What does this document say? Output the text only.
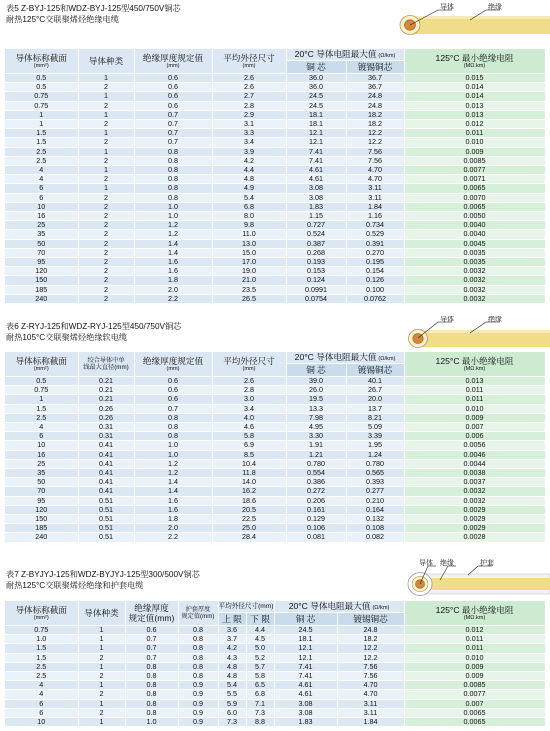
表5 Z-BYJ-125和WDZ-BYJ-125型450/750V铜芯
耐热125°C交联聚烯烃绝缘电缆
导体	绝缘
导体标称截面
(mm²)	导体种类	绝缘厚度规定值
(mm)	平均外径尺寸
(mm)	20°C 导体电阻最大值 (Ω/km)		125°C 最小绝缘电阻
(MΩ.km)

				铜 芯	镀锡铜芯	
0.5	1	0.6	2.6	36.0	36.7	0.015
0.5	2	0.6	2.6	36.0	36.7	0.014
0.75	1	0.6	2.7	24.5	24.8	0.014
0.75	2	0.6	2.8	24.5	24.8	0.013
1	1	0.7	2.9	18.1	18.2	0.013
1	2	0.7	3.1	18.1	18.2	0.012
1.5	1	0.7	3.3	12.1	12.2	0.011
1.5	2	0.7	3.4	12.1	12.2	0.010
2.5	1	0.8	3.9	7.41	7.56	0.009
2.5	2	0.8	4.2	7.41	7.56	0.0085
4	1	0.8	4.4	4.61	4.70	0.0077
4	2	0.8	4.8	4.61	4.70	0.0071
6	1	0.8	4.9	3.08	3.11	0.0065
6	2	0.8	5.4	3.08	3.11	0.0070
10	2	1.0	6.8	1.83	1.84	0.0065
16	2	1.0	8.0	1.15	1.16	0.0050
25	2	1.2	9.8	0.727	0.734	0.0040
35	2	1.2	11.0	0.524	0.529	0.0040
50	2	1.4	13.0	0.387	0.391	0.0045
70	2	1.4	15.0	0.268	0.270	0.0035
95	2	1.6	17.0	0.193	0.195	0.0035
120	2	1.6	19.0	0.153	0.154	0.0032
150	2	1.8	21.0	0.124	0.126	0.0032
185	2	2.0	23.5	0.0991	0.100	0.0032
240	2	2.2	26.5	0.0754	0.0762	0.0032
表6 Z-RYJ-125和WDZ-RYJ-125型450/750V铜芯
耐热105°C交联聚烯烃绝缘软电缆
导体	绝缘
导体标称截面
(mm²)	绞合导体中单
线最大直径(mm)	绝缘厚度规定值
(mm)	平均外径尺寸
(mm)	20°C 导体电阻最大值 (Ω/km)		125°C 最小绝缘电阻
(MΩ.km)

				铜 芯	镀锡铜芯	
0.5	0.21	0.6	2.6	39.0	40.1	0.013
0.75	0.21	0.6	2.8	26.0	26.7	0.011
1	0.21	0.6	3.0	19.5	20.0	0.011
1.5	0.26	0.7	3.4	13.3	13.7	0.010
2.5	0.26	0.8	4.0	7.98	8.21	0.009
4	0.31	0.8	4.6	4.95	5.09	0.007
6	0.31	0.8	5.8	3.30	3.39	0.006
10	0.41	1.0	6.9	1.91	1.95	0.0056
16	0.41	1.0	8.5	1.21	1.24	0.0046
25	0.41	1.2	10.4	0.780	0.780	0.0044
35	0.41	1.2	11.8	0.554	0.565	0.0038
50	0.41	1.4	14.0	0.386	0.393	0.0037
70	0.41	1.4	16.2	0.272	0.277	0.0032
95	0.51	1.6	18.6	0.206	0.210	0.0032
120	0.51	1.6	20.5	0.161	0.164	0.0029
150	0.51	1.8	22.5	0.129	0.132	0.0029
185	0.51	2.0	25.0	0.106	0.108	0.0029
240	0.51	2.2	28.4	0.081	0.082	0.0028
表7 Z-BYJYJ-125和WDZ-BYJYJ-125型300/500V铜芯
耐热125°C交联聚烯烃绝缘和护套电缆
导体 绝缘	护套
导体标称截面
(mm²)	导体种类	绝缘厚度
规定值(mm)	护套厚度
规定值(mm)	平均外径尺寸(mm)		20°C 导体电阻最大值 (Ω/km)		125°C 最小绝缘电阻
(MΩ.km)

				上 限	下 限	铜 芯	镀锡铜芯	
0.75	1	0.6	0.8	3.6	4.4	24.5	24.8	0.012
1.0	1	0.7	0.8	3.7	4.5	18.1	18.2	0.011
1.5	1	0.7	0.8	4.2	5.0	12.1	12.2	0.011
1.5	2	0.7	0.8	4.3	5.2	12.1	12.2	0.010
2.5	1	0.8	0.8	4.8	5.7	7.41	7.56	0.009
2.5	2	0.8	0.8	4.8	5.8	7.41	7.56	0.009
4	1	0.8	0.9	5.4	6.5	4.61	4.70	0.0085
4	2	0.8	0.9	5.5	6.8	4.61	4.70	0.0077
6	1	0.8	0.9	5.9	7.1	3.08	3.11	0.007
6	2	0.8	0.9	6.0	7.3	3.08	3.11	0.0065
10	1	1.0	0.9	7.3	8.8	1.83	1.84	0.0065
